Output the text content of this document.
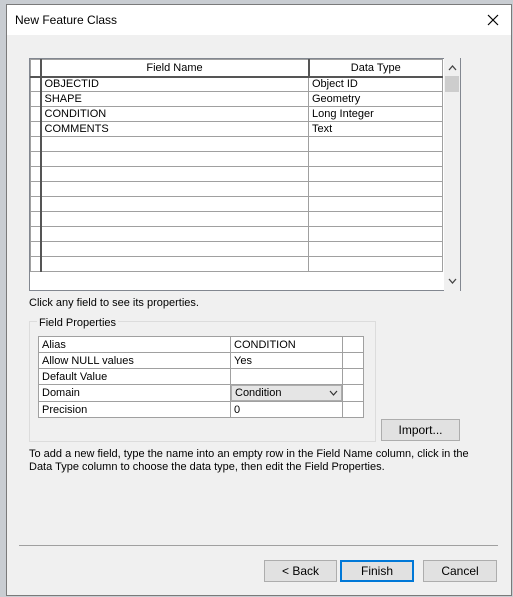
New Feature Class
	Field Name	Data Type
	OBJECTID	Object ID
	SHAPE	Geometry
	CONDITION	Long Integer
	COMMENTS	Text

Click any field to see its properties.
Field Properties
Alias	CONDITION	
Allow NULL values	Yes	
Default Value		
Domain	Condition	

Precision	0	
Import...
To add a new field, type the name into an empty row in the Field Name column, click in the Data Type column to choose the data type, then edit the Field Properties.
< Back	Finish	Cancel
